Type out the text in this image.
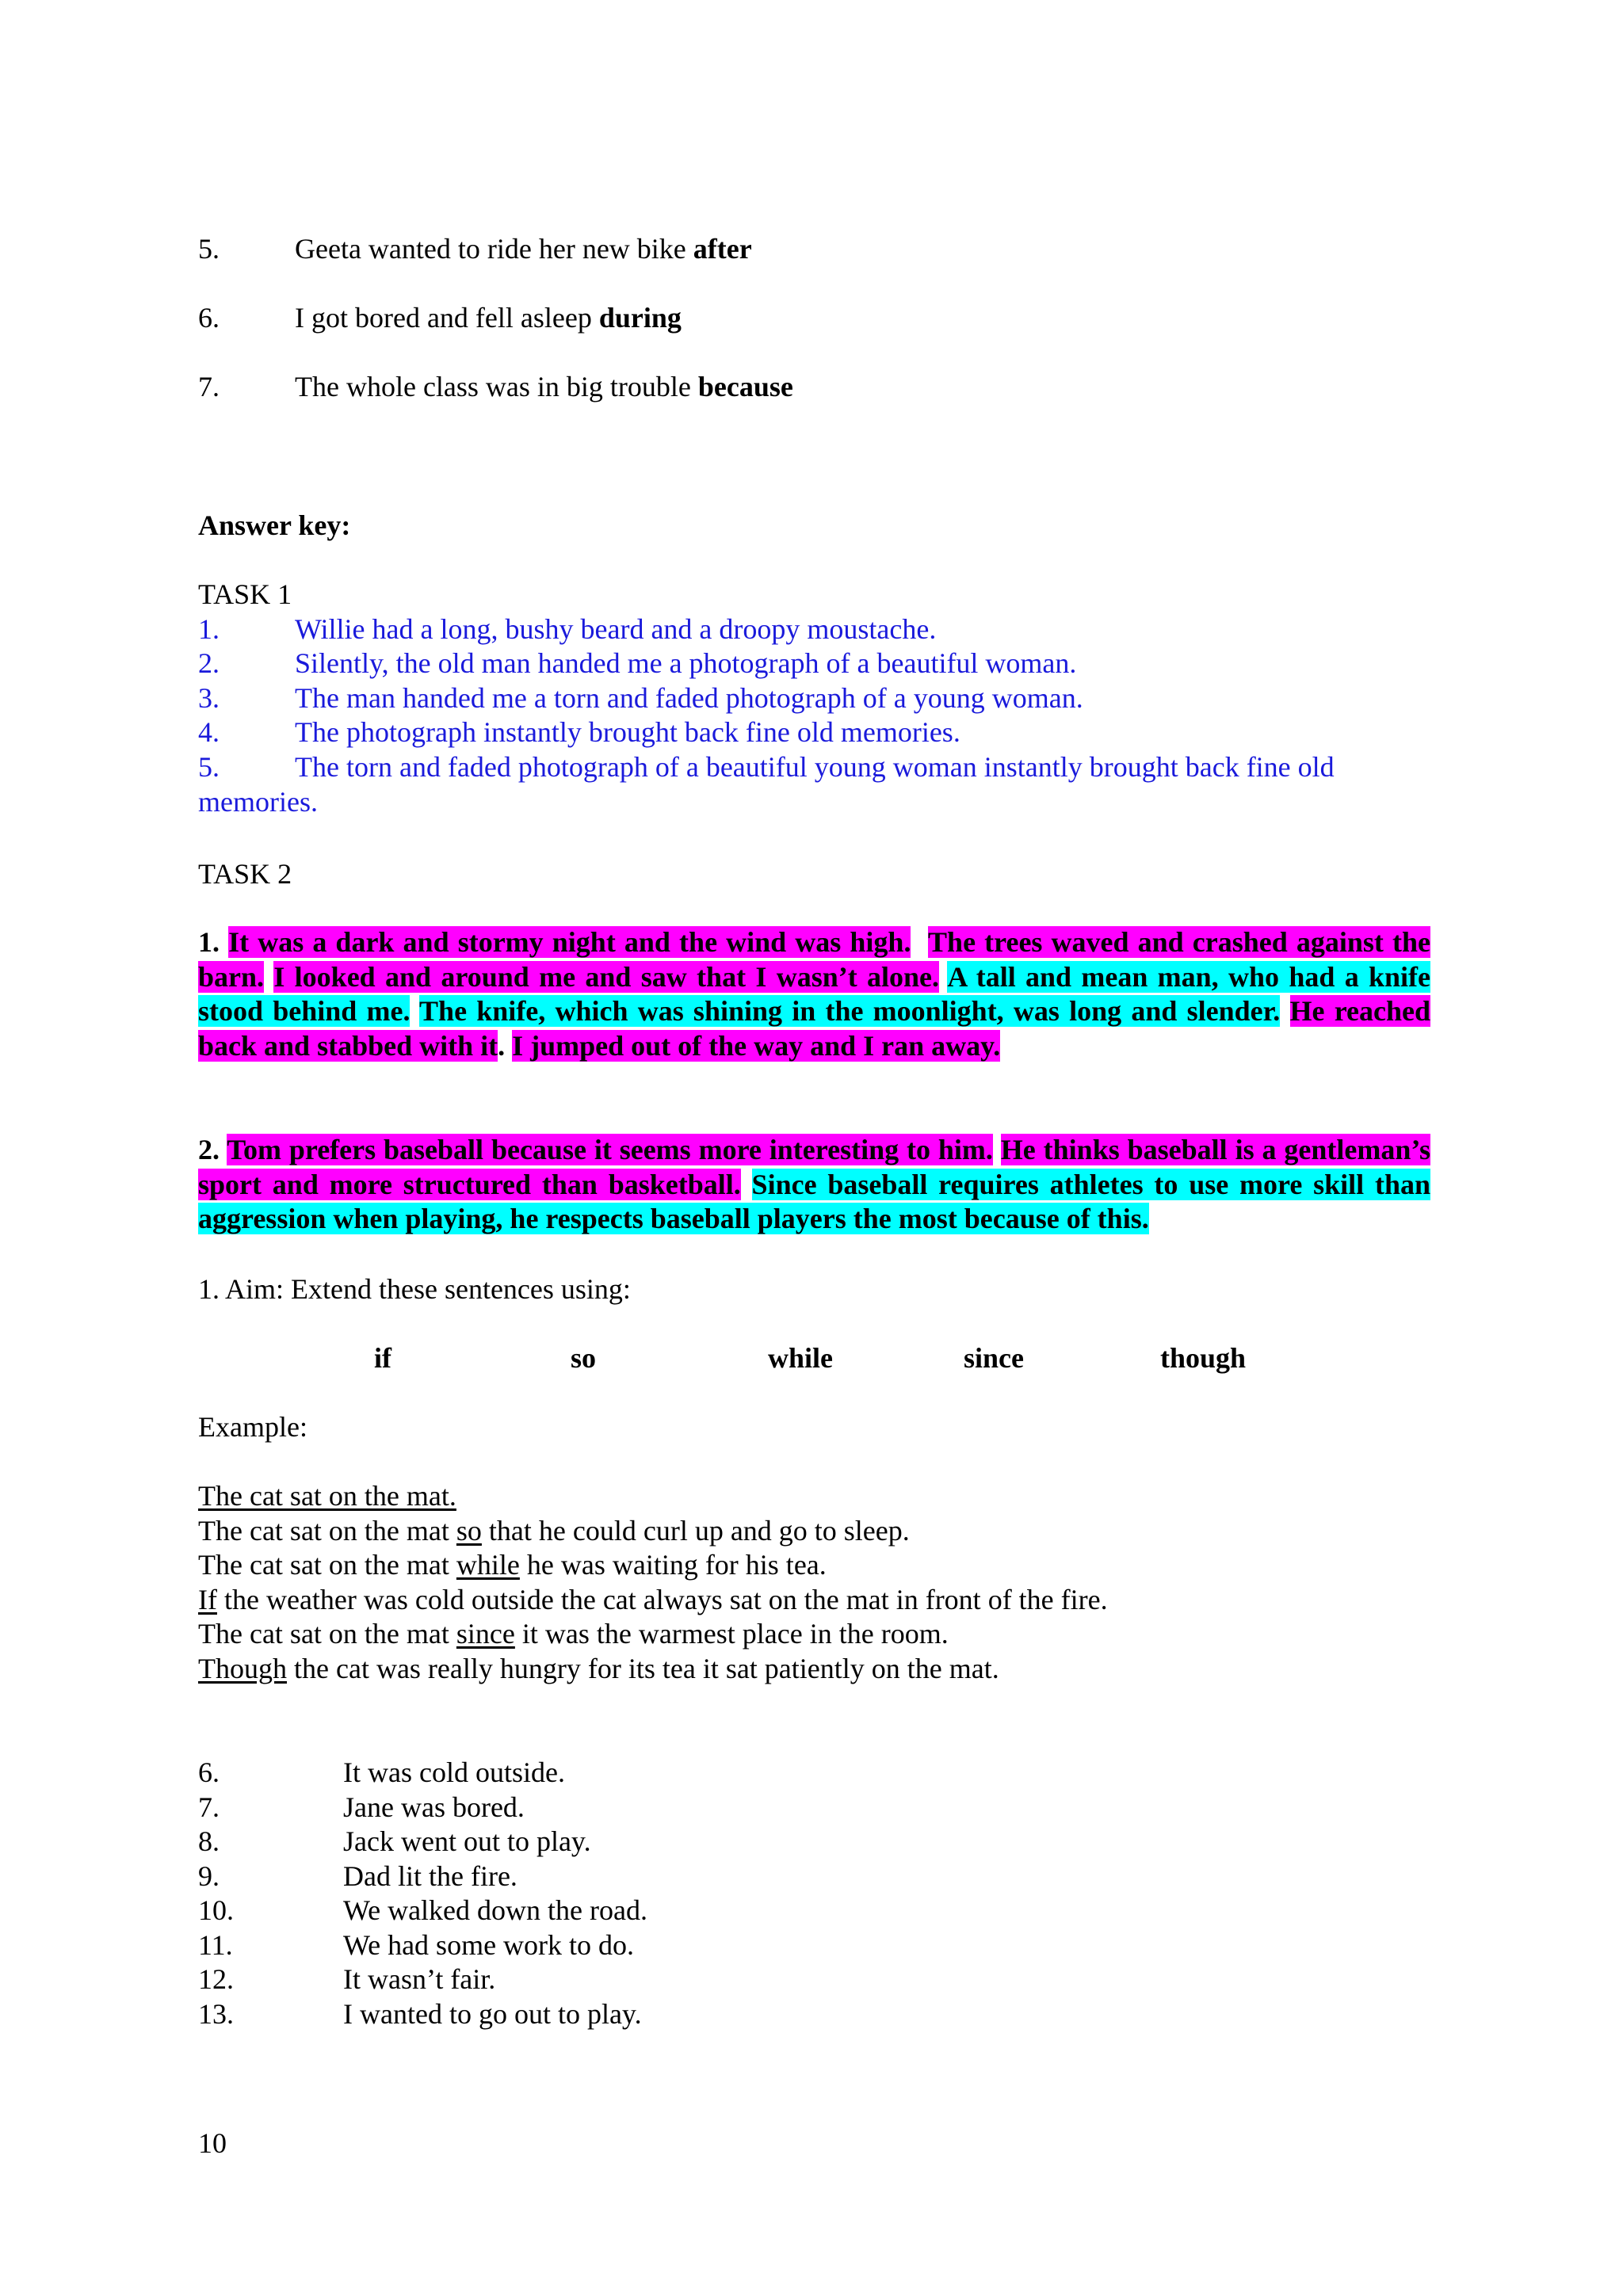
5.	Geeta wanted to ride her new bike after
6.	I got bored and fell asleep during
7.	The whole class was in big trouble because
Answer key:
TASK 1
1.	Willie had a long, bushy beard and a droopy moustache.
2.	Silently, the old man handed me a photograph of a beautiful woman.
3.	The man handed me a torn and faded photograph of a young woman.
4.	The photograph instantly brought back fine old memories.
5.	The torn and faded photograph of a beautiful young woman instantly brought back fine old
memories.
TASK 2
1. It was a dark and stormy night and the wind was high. The trees waved and crashed against the barn. I looked and around me and saw that I wasn’t alone. A tall and mean man, who had a knife stood behind me. The knife, which was shining in the moonlight, was long and slender. He reached back and stabbed with it. I jumped out of the way and I ran away.
2. Tom prefers baseball because it seems more interesting to him. He thinks baseball is a gentleman’s sport and more structured than basketball. Since baseball requires athletes to use more skill than aggression when playing, he respects baseball players the most because of this.
1. Aim: Extend these sentences using:
if	so	while	since	though
Example:
The cat sat on the mat.
The cat sat on the mat so that he could curl up and go to sleep.
The cat sat on the mat while he was waiting for his tea.
If the weather was cold outside the cat always sat on the mat in front of the fire.
The cat sat on the mat since it was the warmest place in the room.
Though the cat was really hungry for its tea it sat patiently on the mat.
6.	It was cold outside.
7.	Jane was bored.
8.	Jack went out to play.
9.	Dad lit the fire.
10.	We walked down the road.
11.	We had some work to do.
12.	It wasn’t fair.
13.	I wanted to go out to play.
10
